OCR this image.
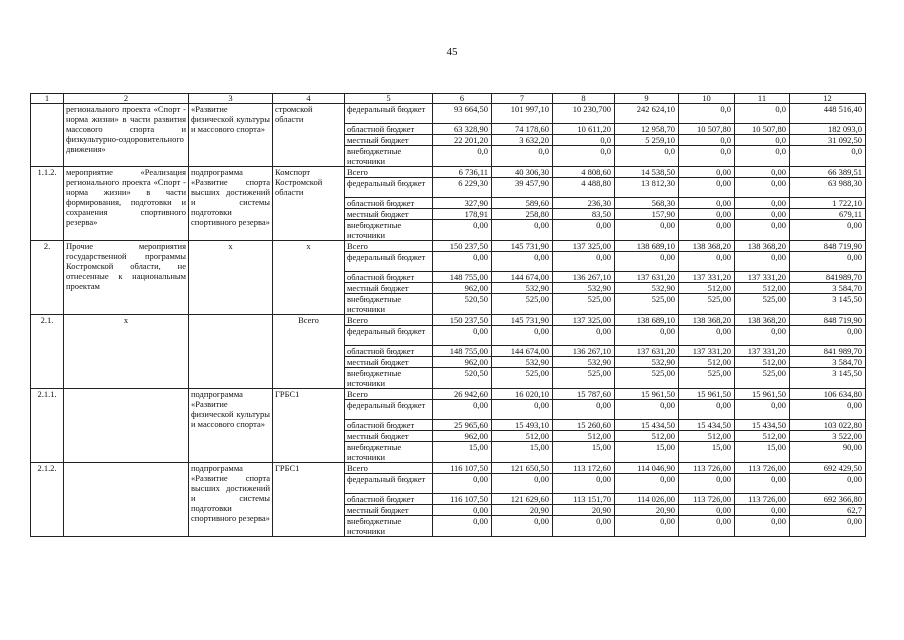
45
1	2	3	4	5	6	7	8	9	10	11	12
	регионального проекта «Спорт - норма жизни» в части развития массового спорта и физкультурно-оздоровительного движения»	«Развитие физической культуры и массового спорта»	стромской области	федеральный бюджет	93 664,50	101 997,10	10 230,700	242 624,10	0,0	0,0	448 516,40
				областной бюджет	63 328,90	74 178,60	10 611,20	12 958,70	10 507,80	10 507,80	182 093,0
				местный бюджет	22 201,20	3 632,20	0,0	5 259,10	0,0	0,0	31 092,50
				внебюджетные источники	0,0	0,0	0,0	0,0	0,0	0,0	0,0
1.1.2.	мероприятие «Реализация регионального проекта «Спорт - норма жизни» в части формирования, подготовки и сохранения спортивного резерва»	подпрограмма «Развитие спорта высших достижений и системы подготовки спортивного резерва»	Комспорт Костромской области	Всего	6 736,11	40 306,30	4 808,60	14 538,50	0,00	0,00	66 389,51
				федеральный бюджет	6 229,30	39 457,90	4 488,80	13 812,30	0,00	0,00	63 988,30
				областной бюджет	327,90	589,60	236,30	568,30	0,00	0,00	1 722,10
				местный бюджет	178,91	258,80	83,50	157,90	0,00	0,00	679,11
				внебюджетные источники	0,00	0,00	0,00	0,00	0,00	0,00	0,00
2.	Прочие мероприятия государственной программы Костромской области, не отнесенные к национальным проектам	х	х	Всего	150 237,50	145 731,90	137 325,00	138 689,10	138 368,20	138 368,20	848 719,90
				федеральный бюджет	0,00	0,00	0,00	0,00	0,00	0,00	0,00
				областной бюджет	148 755,00	144 674,00	136 267,10	137 631,20	137 331,20	137 331,20	841989,70
				местный бюджет	962,00	532,90	532,90	532,90	512,00	512,00	3 584,70
				внебюджетные источники	520,50	525,00	525,00	525,00	525,00	525,00	3 145,50
2.1.	х		Всего	Всего	150 237,50	145 731,90	137 325,00	138 689,10	138 368,20	138 368,20	848 719,90
				федеральный бюджет	0,00	0,00	0,00	0,00	0,00	0,00	0,00
				областной бюджет	148 755,00	144 674,00	136 267,10	137 631,20	137 331,20	137 331,20	841 989,70
				местный бюджет	962,00	532,90	532,90	532,90	512,00	512,00	3 584,70
				внебюджетные источники	520,50	525,00	525,00	525,00	525,00	525,00	3 145,50
2.1.1.		подпрограмма «Развитие физической культуры и массового спорта»	ГРБС1	Всего	26 942,60	16 020,10	15 787,60	15 961,50	15 961,50	15 961,50	106 634,80
				федеральный бюджет	0,00	0,00	0,00	0,00	0,00	0,00	0,00
				областной бюджет	25 965,60	15 493,10	15 260,60	15 434,50	15 434,50	15 434,50	103 022,80
				местный бюджет	962,00	512,00	512,00	512,00	512,00	512,00	3 522,00
				внебюджетные источники	15,00	15,00	15,00	15,00	15,00	15,00	90,00
2.1.2.		подпрограмма «Развитие спорта высших достижений и системы подготовки спортивного резерва»	ГРБС1	Всего	116 107,50	121 650,50	113 172,60	114 046,90	113 726,00	113 726,00	692 429,50
				федеральный бюджет	0,00	0,00	0,00	0,00	0,00	0,00	0,00
				областной бюджет	116 107,50	121 629,60	113 151,70	114 026,00	113 726,00	113 726,00	692 366,80
				местный бюджет	0,00	20,90	20,90	20,90	0,00	0,00	62,7
				внебюджетные источники	0,00	0,00	0,00	0,00	0,00	0,00	0,00
